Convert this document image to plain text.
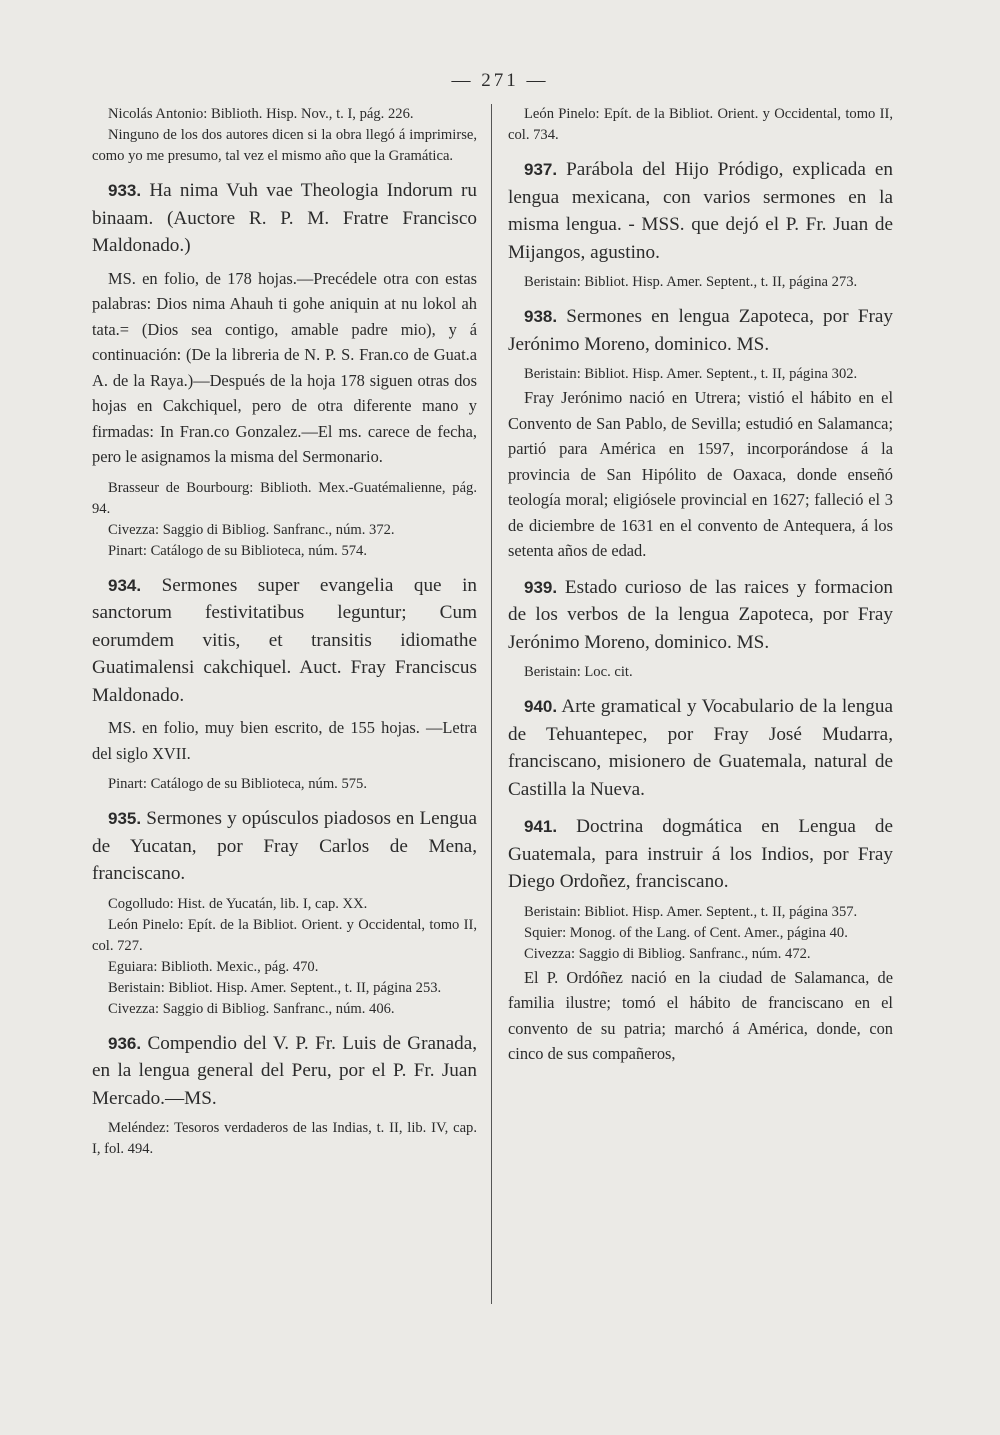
— 271 —

Nicolás Antonio: Biblioth. Hisp. Nov., t. I, pág. 226.

Ninguno de los dos autores dicen si la obra llegó á imprimirse, como yo me presumo, tal vez el mismo año que la Gramática.

933. Ha nima Vuh vae Theologia Indorum ru binaam. (Auctore R. P. M. Fratre Francisco Maldonado.)

MS. en folio, de 178 hojas.—Precédele otra con estas palabras: Dios nima Ahauh ti gohe aniquin at nu lokol ah tata.= (Dios sea contigo, amable padre mio), y á continuación: (De la libreria de N. P. S. Fran.co de Guat.a A. de la Raya.)—Después de la hoja 178 siguen otras dos hojas en Cakchiquel, pero de otra diferente mano y firmadas: In Fran.co Gonzalez.—El ms. carece de fecha, pero le asignamos la misma del Sermonario.

Brasseur de Bourbourg: Biblioth. Mex.-Guatémalienne, pág. 94.

Civezza: Saggio di Bibliog. Sanfranc., núm. 372.

Pinart: Catálogo de su Biblioteca, núm. 574.

934. Sermones super evangelia que in sanctorum festivitatibus leguntur; Cum eorumdem vitis, et transitis idiomathe Guatimalensi cakchiquel. Auct. Fray Franciscus Maldonado.

MS. en folio, muy bien escrito, de 155 hojas. —Letra del siglo XVII.

Pinart: Catálogo de su Biblioteca, núm. 575.

935. Sermones y opúsculos piadosos en Lengua de Yucatan, por Fray Carlos de Mena, franciscano.

Cogolludo: Hist. de Yucatán, lib. I, cap. XX.

León Pinelo: Epít. de la Bibliot. Orient. y Occidental, tomo II, col. 727.

Eguiara: Biblioth. Mexic., pág. 470.

Beristain: Bibliot. Hisp. Amer. Septent., t. II, página 253.

Civezza: Saggio di Bibliog. Sanfranc., núm. 406.

936. Compendio del V. P. Fr. Luis de Granada, en la lengua general del Peru, por el P. Fr. Juan Mercado.—MS.

Meléndez: Tesoros verdaderos de las Indias, t. II, lib. IV, cap. I, fol. 494.

León Pinelo: Epít. de la Bibliot. Orient. y Occidental, tomo II, col. 734.

937. Parábola del Hijo Pródigo, explicada en lengua mexicana, con varios sermones en la misma lengua. - MSS. que dejó el P. Fr. Juan de Mijangos, agustino.

Beristain: Bibliot. Hisp. Amer. Septent., t. II, página 273.

938. Sermones en lengua Zapoteca, por Fray Jerónimo Moreno, dominico. MS.

Beristain: Bibliot. Hisp. Amer. Septent., t. II, página 302.

Fray Jerónimo nació en Utrera; vistió el hábito en el Convento de San Pablo, de Sevilla; estudió en Salamanca; partió para América en 1597, incorporándose á la provincia de San Hipólito de Oaxaca, donde enseñó teología moral; eligiósele provincial en 1627; falleció el 3 de diciembre de 1631 en el convento de Antequera, á los setenta años de edad.

939. Estado curioso de las raices y formacion de los verbos de la lengua Zapoteca, por Fray Jerónimo Moreno, dominico. MS.

Beristain: Loc. cit.

940. Arte gramatical y Vocabulario de la lengua de Tehuantepec, por Fray José Mudarra, franciscano, misionero de Guatemala, natural de Castilla la Nueva.

941. Doctrina dogmática en Lengua de Guatemala, para instruir á los Indios, por Fray Diego Ordoñez, franciscano.

Beristain: Bibliot. Hisp. Amer. Septent., t. II, página 357.

Squier: Monog. of the Lang. of Cent. Amer., página 40.

Civezza: Saggio di Bibliog. Sanfranc., núm. 472.

El P. Ordóñez nació en la ciudad de Salamanca, de familia ilustre; tomó el hábito de franciscano en el convento de su patria; marchó á América, donde, con cinco de sus compañeros,
